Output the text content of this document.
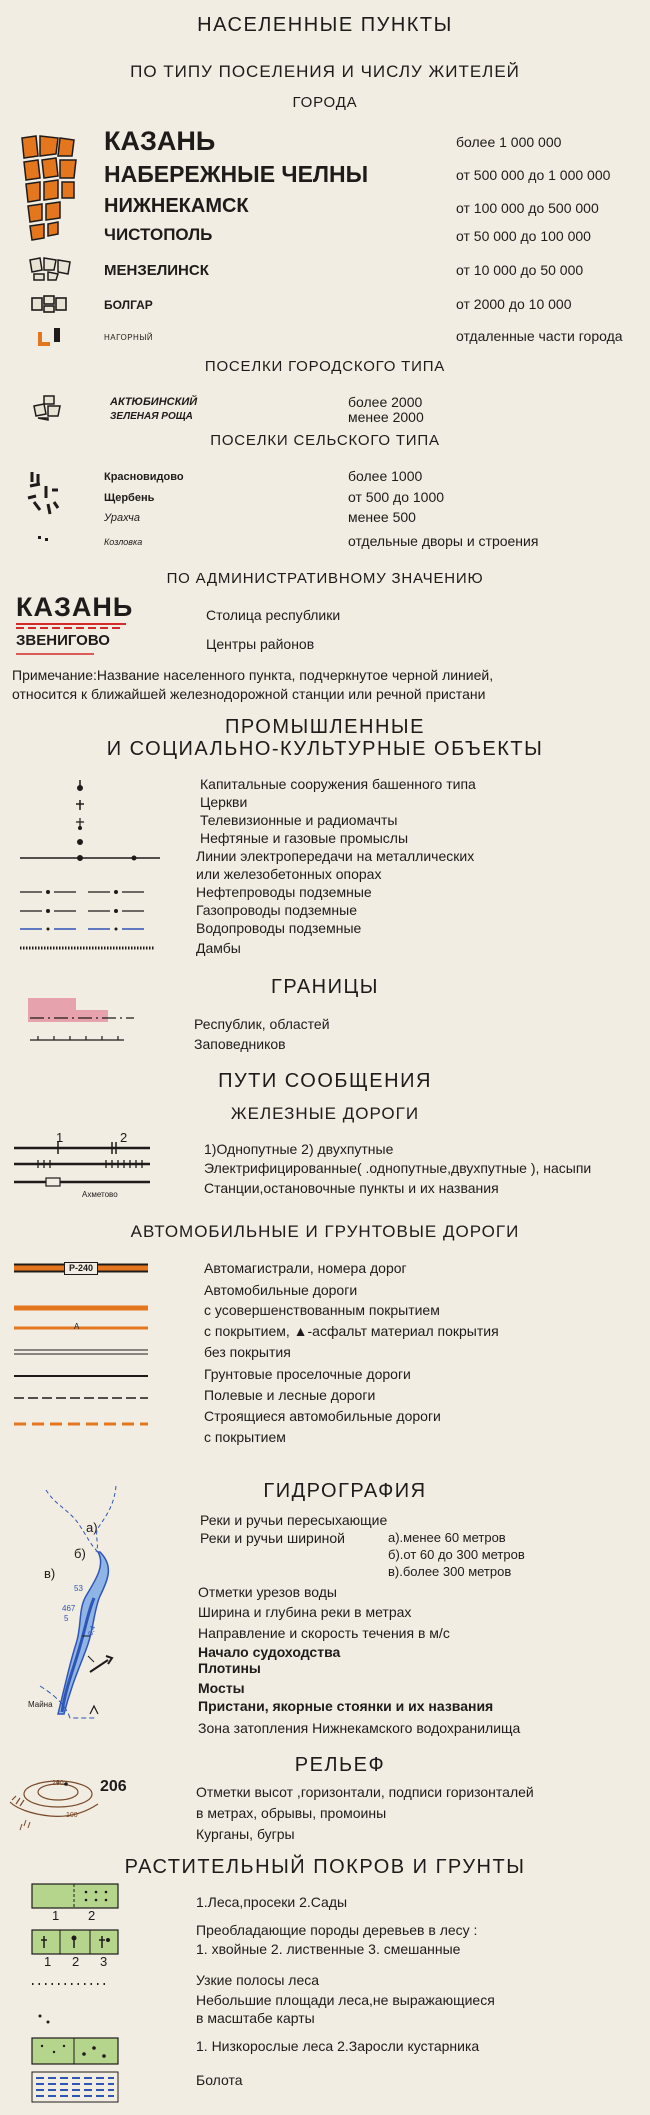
НАСЕЛЕННЫЕ ПУНКТЫ
ПО ТИПУ ПОСЕЛЕНИЯ И ЧИСЛУ ЖИТЕЛЕЙ
ГОРОДА
КАЗАНЬ	более 1 000 000
НАБЕРЕЖНЫЕ ЧЕЛНЫ	от 500 000 до 1 000 000
НИЖНЕКАМСК	от 100 000 до 500 000
ЧИСТОПОЛЬ	от 50 000 до 100 000
МЕНЗЕЛИНСК	от 10 000 до 50 000
БОЛГАР	от 2000 до 10 000
НАГОРНЫЙ	отдаленные части города
ПОСЕЛКИ ГОРОДСКОГО ТИПА
АКТЮБИНСКИЙ	более 2000
ЗЕЛЕНАЯ РОЩА	менее 2000
ПОСЕЛКИ СЕЛЬСКОГО ТИПА
Красновидово	более 1000
Щербень	от 500 до 1000
Урахча	менее 500
Козловка	отдельные дворы и строения
ПО АДМИНИСТРАТИВНОМУ ЗНАЧЕНИЮ
КАЗАНЬ	Столица республики
ЗВЕНИГОВО	Центры районов
Примечание:Название населенного пункта, подчеркнутое черной линией,
относится к ближайшей железнодорожной станции или речной пристани
ПРОМЫШЛЕННЫЕ
И СОЦИАЛЬНО-КУЛЬТУРНЫЕ ОБЪЕКТЫ
Капитальные сооружения башенного типа
Церкви
Телевизионные и радиомачты
Нефтяные и газовые промыслы
Линии электропередачи на металлических
или железобетонных опорах
Нефтепроводы подземные
Газопроводы подземные
Водопроводы подземные
Дамбы
ГРАНИЦЫ
Республик, областей
Заповедников
ПУТИ СООБЩЕНИЯ
ЖЕЛЕЗНЫЕ ДОРОГИ
1	2
Ахметово
1)Однопутные 2) двухпутные
Электрифицированные( .однопутные,двухпутные ), насыпи
Станции,остановочные пункты и их названия
АВТОМОБИЛЬНЫЕ И ГРУНТОВЫЕ ДОРОГИ
Р-240
А
Автомагистрали, номера дорог
Автомобильные дороги
с усовершенствованным покрытием
с покрытием, ▲-асфальт материал покрытия
без покрытия
Грунтовые проселочные дороги
Полевые и лесные дороги
Строящиеся автомобильные дороги
с покрытием
ГИДРОГРАФИЯ
0,4
а)
б)
в)
53
467
5
Майна
Реки и ручьи пересыхающие
Реки и ручьи шириной	а).менее 60 метров
б).от 60 до 300 метров
в).более 300 метров
Отметки урезов воды
Ширина и глубина реки в метрах
Направление и скорость течения в м/с
Начало судоходства
Плотины
Мосты
Пристани, якорные стоянки и их названия
Зона затопления Нижнекамского водохранилища
РЕЛЬЕФ
206
200
100
Отметки высот ,горизонтали, подписи горизонталей
в метрах, обрывы, промоины
Курганы, бугры
РАСТИТЕЛЬНЫЙ ПОКРОВ И ГРУНТЫ
1 2
1 2 3
1.Леса,просеки 2.Сады
Преобладающие породы деревьев в лесу :
1. хвойные 2. лиственные 3. смешанные
Узкие полосы леса
Небольшие площади леса,не выражающиеся
в масштабе карты
1. Низкорослые леса 2.Заросли кустарника
Болота
